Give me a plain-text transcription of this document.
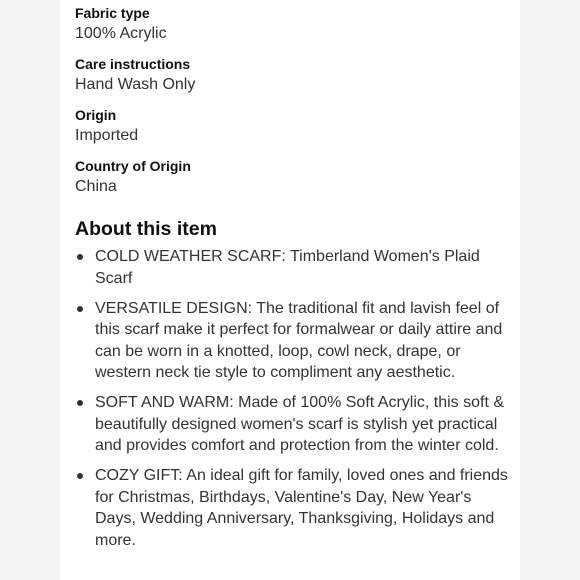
Fabric type
100% Acrylic
Care instructions
Hand Wash Only
Origin
Imported
Country of Origin
China
About this item
COLD WEATHER SCARF: Timberland Women's Plaid Scarf
VERSATILE DESIGN: The traditional fit and lavish feel of this scarf make it perfect for formalwear or daily attire and can be worn in a knotted, loop, cowl neck, drape, or western neck tie style to compliment any aesthetic.
SOFT AND WARM: Made of 100% Soft Acrylic, this soft & beautifully designed women's scarf is stylish yet practical and provides comfort and protection from the winter cold.
COZY GIFT: An ideal gift for family, loved ones and friends for Christmas, Birthdays, Valentine's Day, New Year's Days, Wedding Anniversary, Thanksgiving, Holidays and more.
